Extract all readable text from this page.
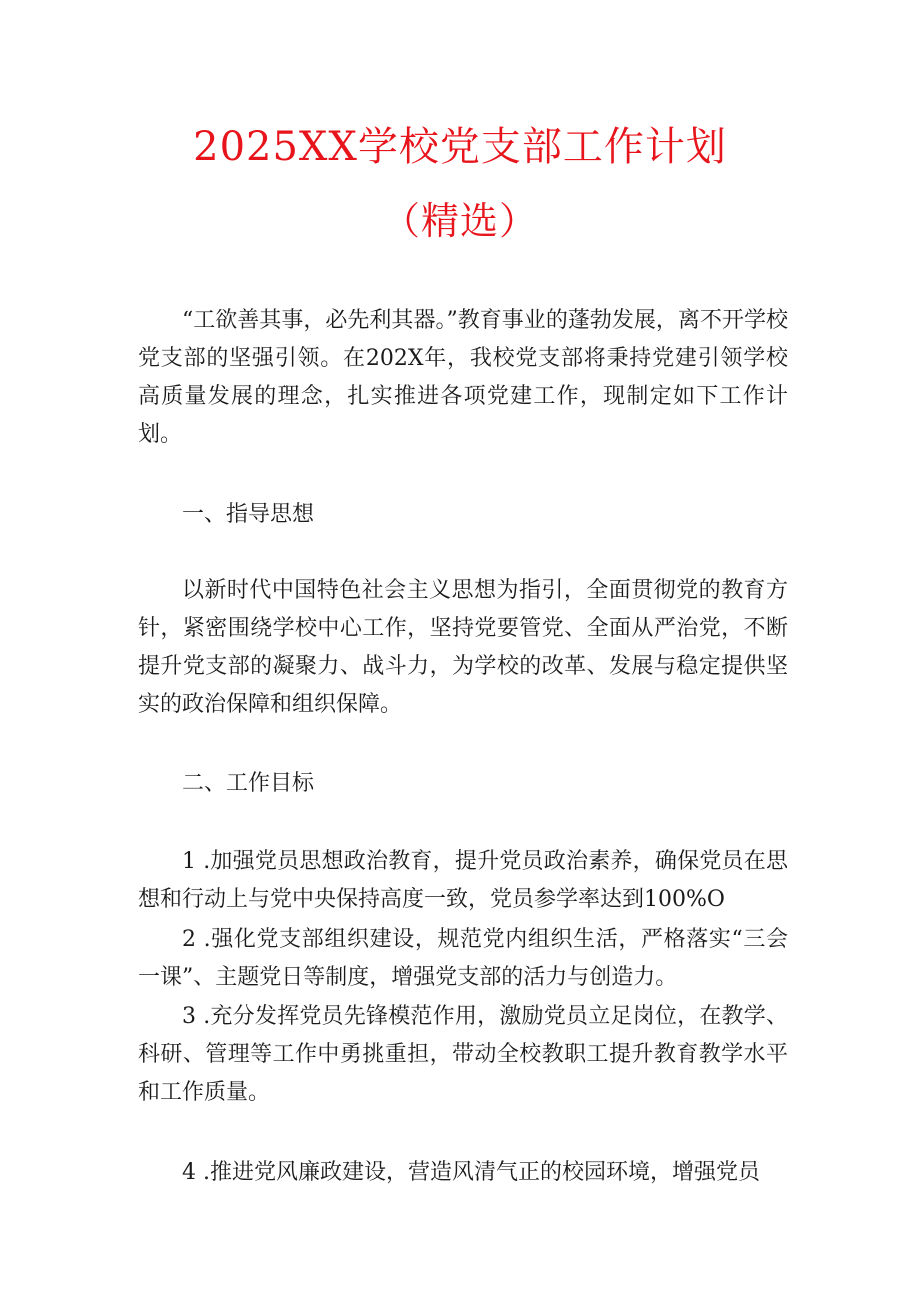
2025XX学校党支部工作计划
（精选）

“工欲善其事，必先利其器。”教育事业的蓬勃发展，离不开学校党支部的坚强引领。在202X年，我校党支部将秉持党建引领学校高质量发展的理念，扎实推进各项党建工作，现制定如下工作计划。

一、指导思想

以新时代中国特色社会主义思想为指引，全面贯彻党的教育方针，紧密围绕学校中心工作，坚持党要管党、全面从严治党，不断提升党支部的凝聚力、战斗力，为学校的改革、发展与稳定提供坚实的政治保障和组织保障。

二、工作目标

1 .加强党员思想政治教育，提升党员政治素养，确保党员在思想和行动上与党中央保持高度一致，党员参学率达到100%O

2 .强化党支部组织建设，规范党内组织生活，严格落实“三会一课”、主题党日等制度，增强党支部的活力与创造力。

3 .充分发挥党员先锋模范作用，激励党员立足岗位，在教学、科研、管理等工作中勇挑重担，带动全校教职工提升教育教学水平和工作质量。

4 .推进党风廉政建设，营造风清气正的校园环境，增强党员
